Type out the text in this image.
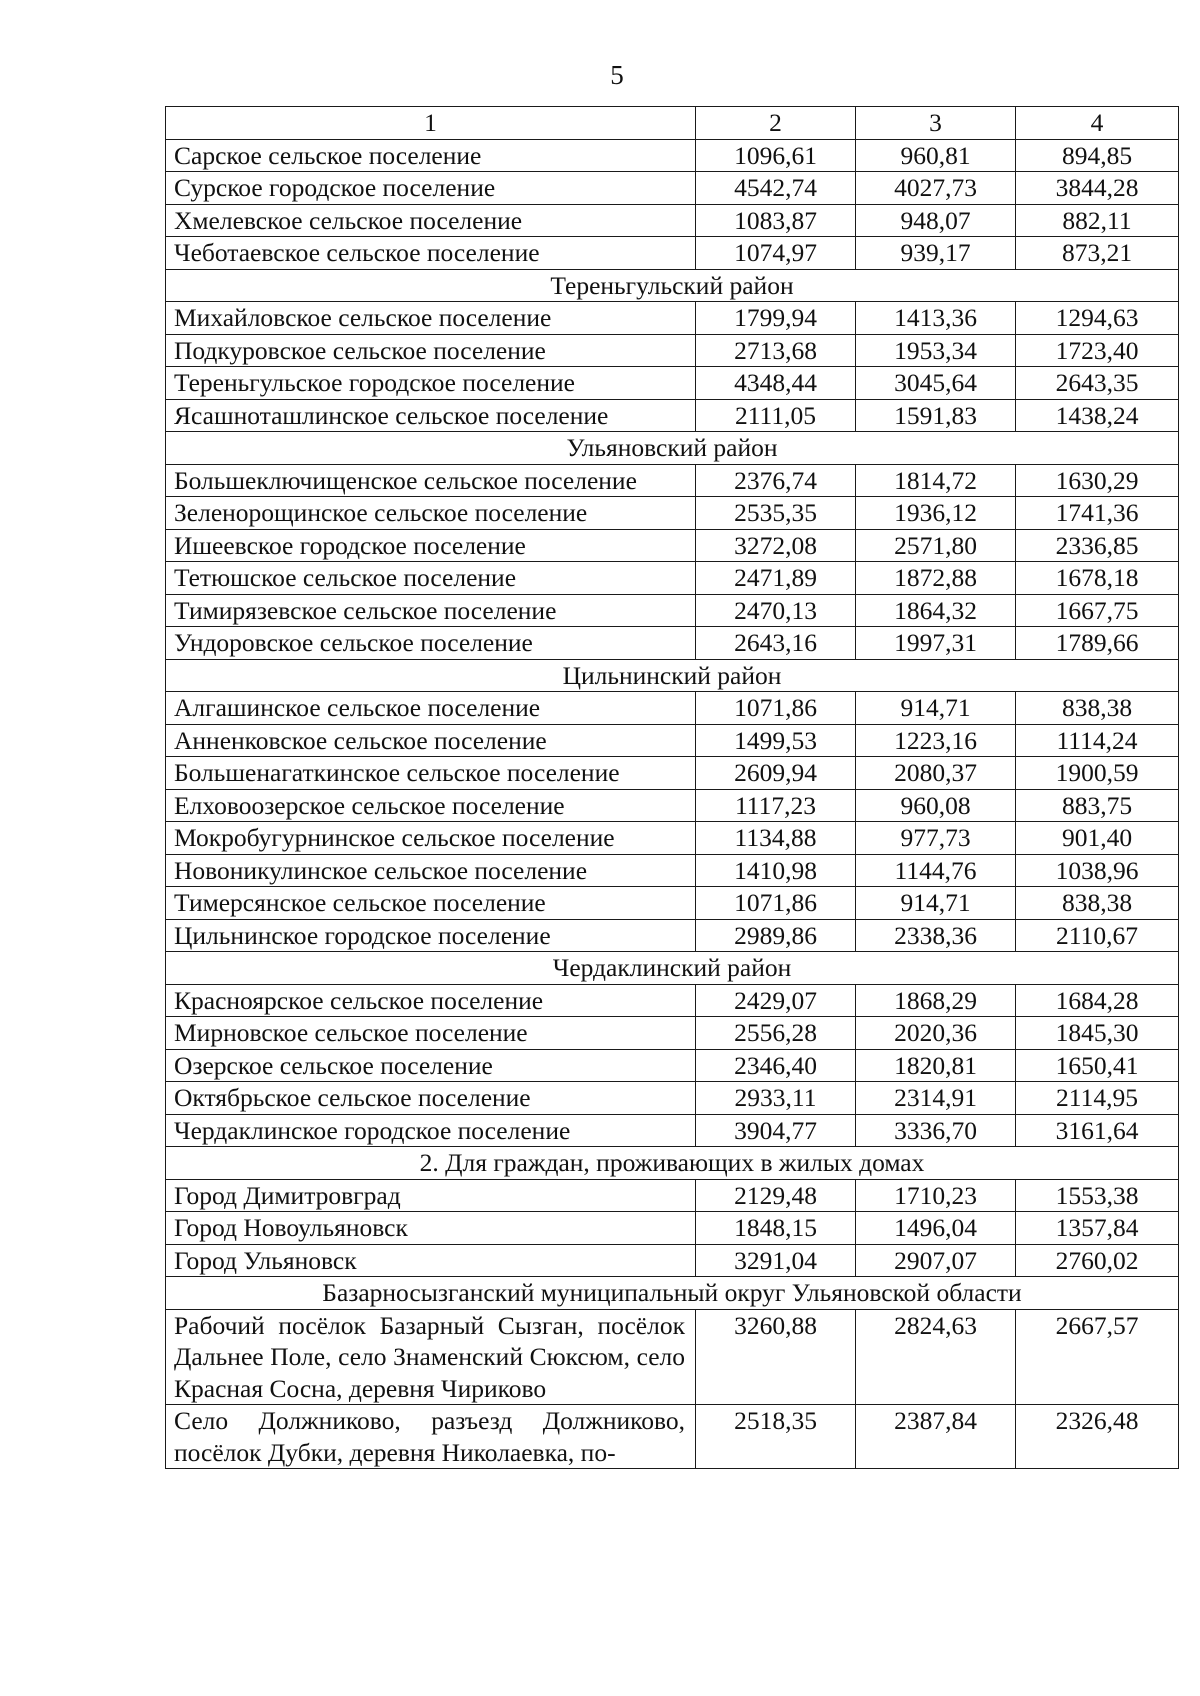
5
1	2	3	4
Сарское сельское поселение	1096,61	960,81	894,85
Сурское городское поселение	4542,74	4027,73	3844,28
Хмелевское сельское поселение	1083,87	948,07	882,11
Чеботаевское сельское поселение	1074,97	939,17	873,21
Тереньгульский район			
Михайловское сельское поселение	1799,94	1413,36	1294,63
Подкуровское сельское поселение	2713,68	1953,34	1723,40
Тереньгульское городское поселение	4348,44	3045,64	2643,35
Ясашноташлинское сельское поселение	2111,05	1591,83	1438,24
Ульяновский район			
Большеключищенское сельское поселение	2376,74	1814,72	1630,29
Зеленорощинское сельское поселение	2535,35	1936,12	1741,36
Ишеевское городское поселение	3272,08	2571,80	2336,85
Тетюшское сельское поселение	2471,89	1872,88	1678,18
Тимирязевское сельское поселение	2470,13	1864,32	1667,75
Ундоровское сельское поселение	2643,16	1997,31	1789,66
Цильнинский район			
Алгашинское сельское поселение	1071,86	914,71	838,38
Анненковское сельское поселение	1499,53	1223,16	1114,24
Большенагаткинское сельское поселение	2609,94	2080,37	1900,59
Елховоозерское сельское поселение	1117,23	960,08	883,75
Мокробугурнинское сельское поселение	1134,88	977,73	901,40
Новоникулинское сельское поселение	1410,98	1144,76	1038,96
Тимерсянское сельское поселение	1071,86	914,71	838,38
Цильнинское городское поселение	2989,86	2338,36	2110,67
Чердаклинский район			
Красноярское сельское поселение	2429,07	1868,29	1684,28
Мирновское сельское поселение	2556,28	2020,36	1845,30
Озерское сельское поселение	2346,40	1820,81	1650,41
Октябрьское сельское поселение	2933,11	2314,91	2114,95
Чердаклинское городское поселение	3904,77	3336,70	3161,64
2. Для граждан, проживающих в жилых домах			
Город Димитровград	2129,48	1710,23	1553,38
Город Новоульяновск	1848,15	1496,04	1357,84
Город Ульяновск	3291,04	2907,07	2760,02
Базарносызганский муниципальный округ Ульяновской области			
Рабочий посёлок Базарный Сызган, посёлок Дальнее Поле, село Знаменский Сюксюм, село Красная Сосна, деревня Чириково	3260,88	2824,63	2667,57
Село Должниково, разъезд Должниково, посёлок Дубки, деревня Николаевка, по-	2518,35	2387,84	2326,48
